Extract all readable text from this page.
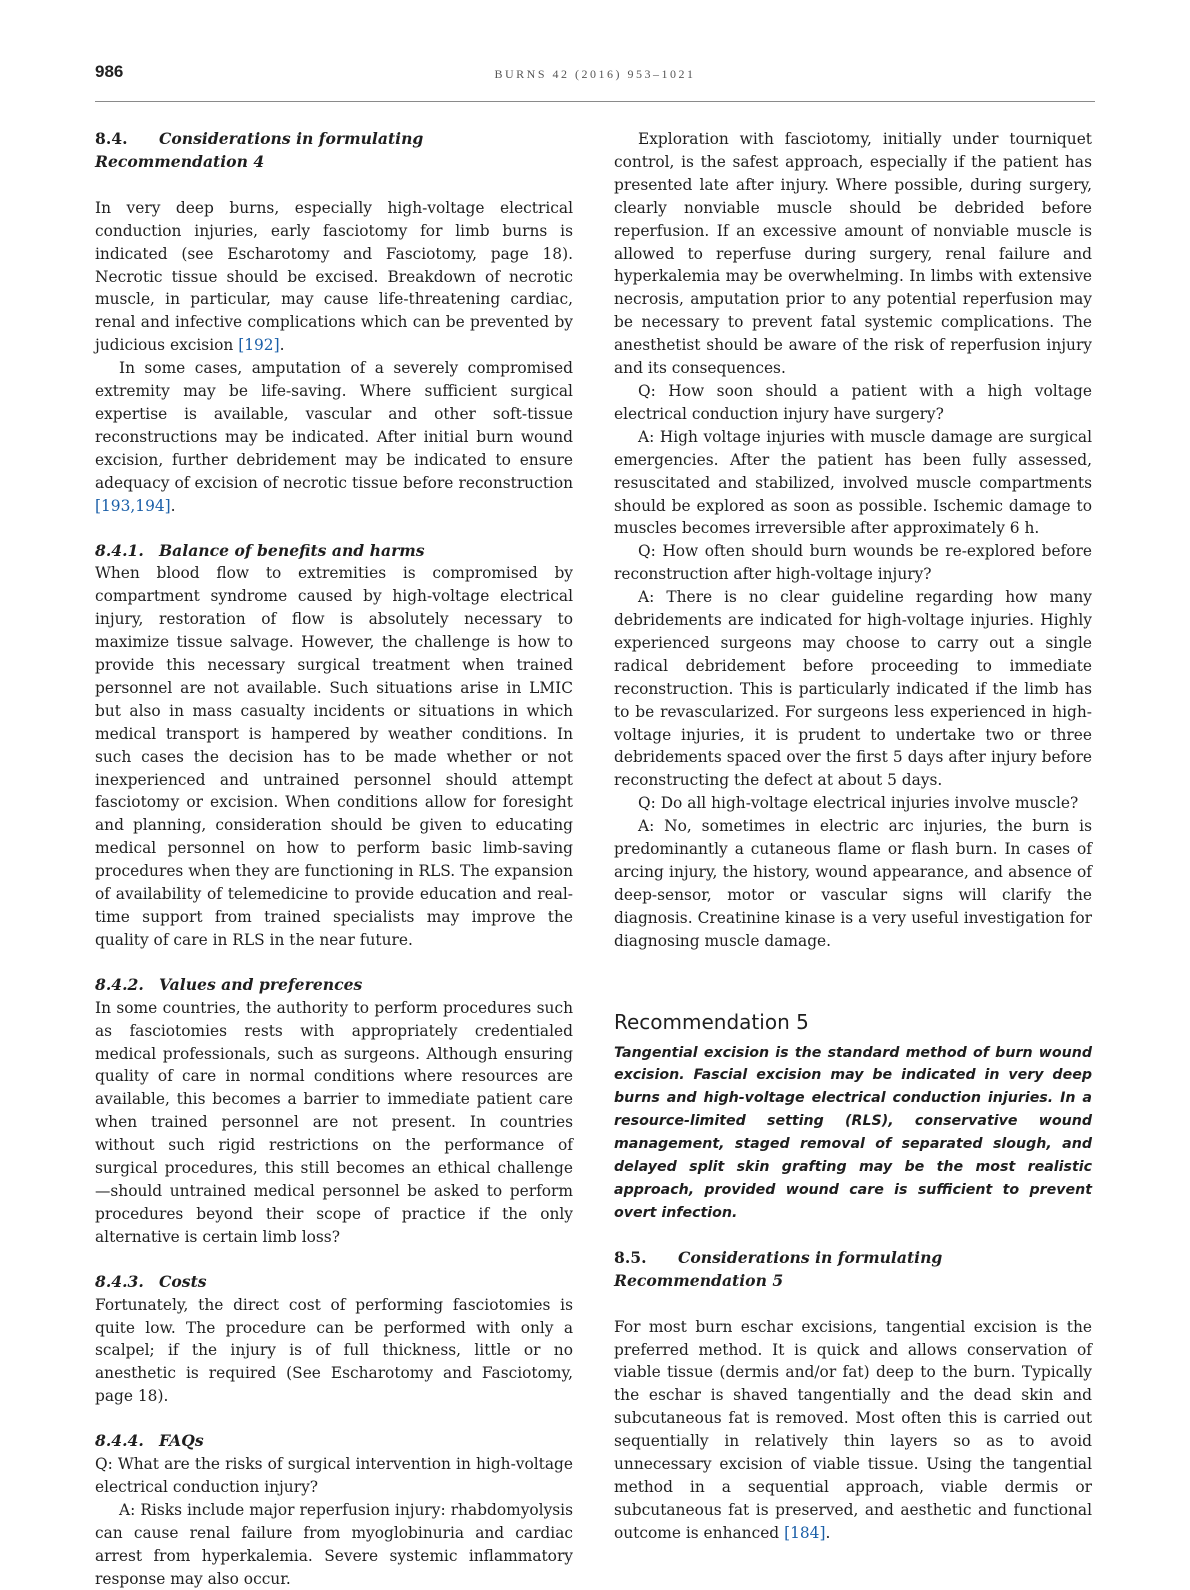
986	BURNS 42 (2016) 953–1021
8.4. Considerations in formulating Recommendation 4

In very deep burns, especially high-voltage electrical conduction injuries, early fasciotomy for limb burns is indicated (see Escharotomy and Fasciotomy, page 18). Necrotic tissue should be excised. Breakdown of necrotic muscle, in particular, may cause life-threatening cardiac, renal and infective complications which can be prevented by judicious excision [192].

In some cases, amputation of a severely compromised extremity may be life-saving. Where sufficient surgical expertise is available, vascular and other soft-tissue reconstructions may be indicated. After initial burn wound excision, further debridement may be indicated to ensure adequacy of excision of necrotic tissue before reconstruction [193,194].

8.4.1. Balance of benefits and harms

When blood flow to extremities is compromised by compartment syndrome caused by high-voltage electrical injury, restoration of flow is absolutely necessary to maximize tissue salvage. However, the challenge is how to provide this necessary surgical treatment when trained personnel are not available. Such situations arise in LMIC but also in mass casualty incidents or situations in which medical transport is hampered by weather conditions. In such cases the decision has to be made whether or not inexperienced and untrained personnel should attempt fasciotomy or excision. When conditions allow for foresight and planning, consideration should be given to educating medical personnel on how to perform basic limb-saving procedures when they are functioning in RLS. The expansion of availability of telemedicine to provide education and real-time support from trained specialists may improve the quality of care in RLS in the near future.

8.4.2. Values and preferences

In some countries, the authority to perform procedures such as fasciotomies rests with appropriately credentialed medical professionals, such as surgeons. Although ensuring quality of care in normal conditions where resources are available, this becomes a barrier to immediate patient care when trained personnel are not present. In countries without such rigid restrictions on the performance of surgical procedures, this still becomes an ethical challenge—should untrained medical personnel be asked to perform procedures beyond their scope of practice if the only alternative is certain limb loss?

8.4.3. Costs

Fortunately, the direct cost of performing fasciotomies is quite low. The procedure can be performed with only a scalpel; if the injury is of full thickness, little or no anesthetic is required (See Escharotomy and Fasciotomy, page 18).

8.4.4. FAQs

Q: What are the risks of surgical intervention in high-voltage electrical conduction injury?

A: Risks include major reperfusion injury: rhabdomyolysis can cause renal failure from myoglobinuria and cardiac arrest from hyperkalemia. Severe systemic inflammatory response may also occur.

Exploration with fasciotomy, initially under tourniquet control, is the safest approach, especially if the patient has presented late after injury. Where possible, during surgery, clearly nonviable muscle should be debrided before reperfusion. If an excessive amount of nonviable muscle is allowed to reperfuse during surgery, renal failure and hyperkalemia may be overwhelming. In limbs with extensive necrosis, amputation prior to any potential reperfusion may be necessary to prevent fatal systemic complications. The anesthetist should be aware of the risk of reperfusion injury and its consequences.

Q: How soon should a patient with a high voltage electrical conduction injury have surgery?

A: High voltage injuries with muscle damage are surgical emergencies. After the patient has been fully assessed, resuscitated and stabilized, involved muscle compartments should be explored as soon as possible. Ischemic damage to muscles becomes irreversible after approximately 6 h.

Q: How often should burn wounds be re-explored before reconstruction after high-voltage injury?

A: There is no clear guideline regarding how many debridements are indicated for high-voltage injuries. Highly experienced surgeons may choose to carry out a single radical debridement before proceeding to immediate reconstruction. This is particularly indicated if the limb has to be revascularized. For surgeons less experienced in high-voltage injuries, it is prudent to undertake two or three debridements spaced over the first 5 days after injury before reconstructing the defect at about 5 days.

Q: Do all high-voltage electrical injuries involve muscle?

A: No, sometimes in electric arc injuries, the burn is predominantly a cutaneous flame or flash burn. In cases of arcing injury, the history, wound appearance, and absence of deep-sensor, motor or vascular signs will clarify the diagnosis. Creatinine kinase is a very useful investigation for diagnosing muscle damage.

Recommendation 5

Tangential excision is the standard method of burn wound excision. Fascial excision may be indicated in very deep burns and high-voltage electrical conduction injuries. In a resource-limited setting (RLS), conservative wound management, staged removal of separated slough, and delayed split skin grafting may be the most realistic approach, provided wound care is sufficient to prevent overt infection.

8.5. Considerations in formulating Recommendation 5

For most burn eschar excisions, tangential excision is the preferred method. It is quick and allows conservation of viable tissue (dermis and/or fat) deep to the burn. Typically the eschar is shaved tangentially and the dead skin and subcutaneous fat is removed. Most often this is carried out sequentially in relatively thin layers so as to avoid unnecessary excision of viable tissue. Using the tangential method in a sequential approach, viable dermis or subcutaneous fat is preserved, and aesthetic and functional outcome is enhanced [184].
